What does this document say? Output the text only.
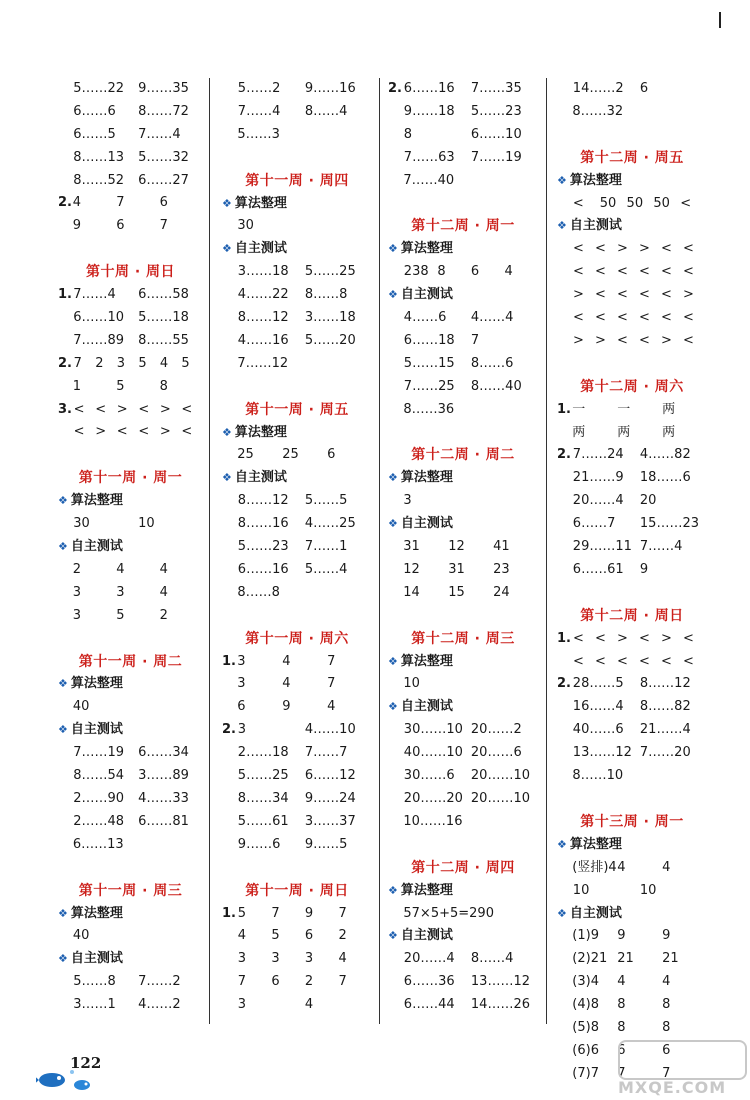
5……22	9……35
6……6	8……72
6……5	7……4
8……13	5……32
8……52	6……27
2. 4	7	6
9	6	7
第十周 · 周日
1. 7……4	6……58
6……10	5……18
7……89	8……55
2. 7	2	3	5	4	5
1	5	8
3. < < > < > <
< > < < > <
第十一周 · 周一
❖ 算法整理
30	10
❖ 自主测试
2	4	4
3	3	4
3	5	2
第十一周 · 周二
❖ 算法整理
40
❖ 自主测试
7……19	6……34
8……54	3……89
2……90	4……33
2……48	6……81
6……13
第十一周 · 周三
❖ 算法整理
40
❖ 自主测试
5……8	7……2
3……1	4……2
5……2	9……16
7……4	8……4
5……3
第十一周 · 周四
❖ 算法整理
30
❖ 自主测试
3……18	5……25
4……22	8……8
8……12	3……18
4……16	5……20
7……12
第十一周 · 周五
❖ 算法整理
25	25	6
❖ 自主测试
8……12	5……5
8……16	4……25
5……23	7……1
6……16	5……4
8……8
第十一周 · 周六
1. 3	4	7
3	4	7
6	9	4
2. 3	4……10
2……18	7……7
5……25	6……12
8……34	9……24
5……61	3……37
9……6	9……5
第十一周 · 周日
1. 5	7	9	7
4	5	6	2
3	3	3	4
7	6	2	7
3	4
2. 6……16	7……35
9……18	5……23
8	6……10
7……63	7……19
7……40
第十二周 · 周一
❖ 算法整理
238 8	6	4
❖ 自主测试
4……6	4……4
6……18	7
5……15	8……6
7……25	8……40
8……36
第十二周 · 周二
❖ 算法整理
3
❖ 自主测试
31	12	41
12	31	23
14	15	24
第十二周 · 周三
❖ 算法整理
10
❖ 自主测试
30……10 20……2
40……10 20……6
30……6	20……10
20……20 20……10
10……16
第十二周 · 周四
❖ 算法整理
57×5+5=290
❖ 自主测试
20……4	8……4
6……36	13……12
6……44	14……26
14……2	6
8……32
第十二周 · 周五
❖ 算法整理
<	50 50 50 <
❖ 自主测试
< < > > < <
< < < < < <
> < < < < >
< < < < < <
> > < < > <
第十二周 · 周六
1. 一	一	两
两	两	两
2. 7……24	4……82
21……9	18……6
20……4	20
6……7	15……23
29……11 7……4
6……61	9
第十二周 · 周日
1. < < > < > <
< < < < < <
2. 28……5	8……12
16……4	8……82
40……6	21……4
13……12 7……20
8……10
第十三周 · 周一
❖ 算法整理
(竖排)4 4	4
10	10
❖ 自主测试
(1)9	9	9
(2)21 21	21
(3)4	4	4
(4)8	8	8
(5)8	8	8
(6)6	6	6
(7)7	7	7
122
MXQE.COM
